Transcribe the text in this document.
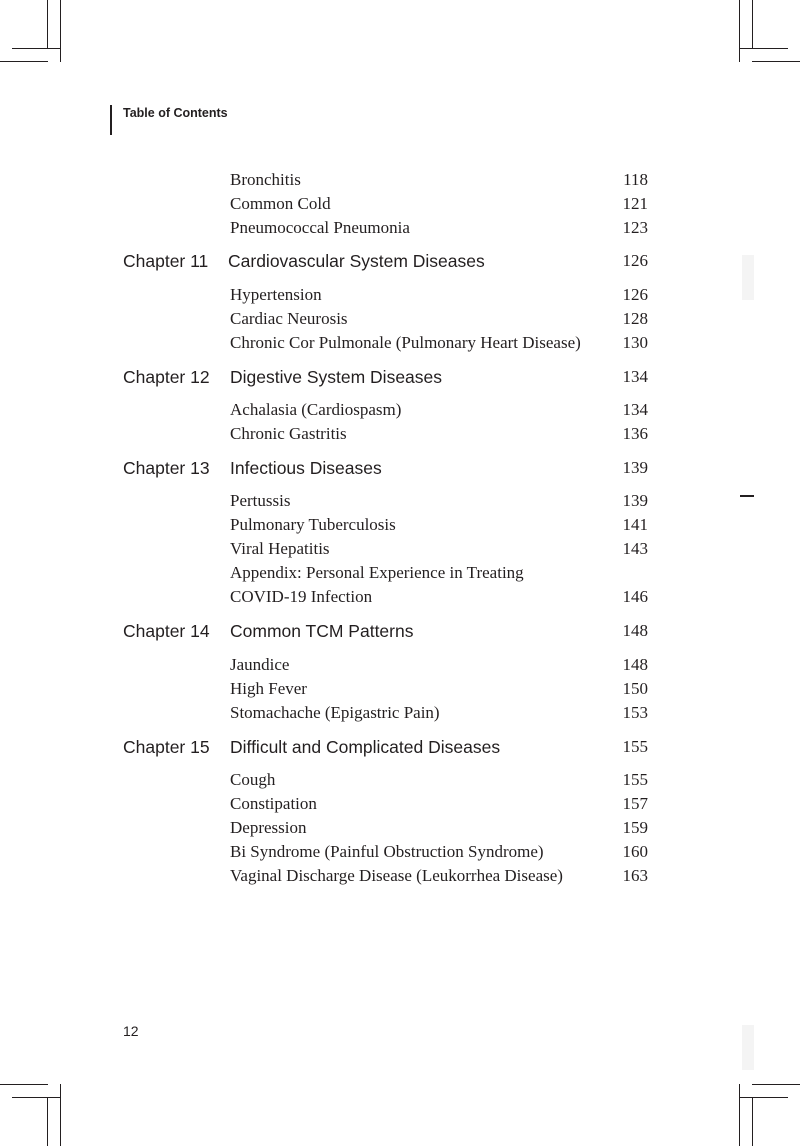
Table of Contents
Bronchitis	118
Common Cold	121
Pneumococcal Pneumonia	123
Chapter 11 Cardiovascular System Diseases	126
Hypertension	126
Cardiac Neurosis	128
Chronic Cor Pulmonale (Pulmonary Heart Disease) 130
Chapter 12 Digestive System Diseases	134
Achalasia (Cardiospasm)	134
Chronic Gastritis	136
Chapter 13 Infectious Diseases	139
Pertussis	139
Pulmonary Tuberculosis	141
Viral Hepatitis	143
Appendix: Personal Experience in Treating
COVID-19 Infection	146
Chapter 14 Common TCM Patterns	148
Jaundice	148
High Fever	150
Stomachache (Epigastric Pain)	153
Chapter 15 Difficult and Complicated Diseases	155
Cough	155
Constipation	157
Depression	159
Bi Syndrome (Painful Obstruction Syndrome)	160
Vaginal Discharge Disease (Leukorrhea Disease)	163
12
